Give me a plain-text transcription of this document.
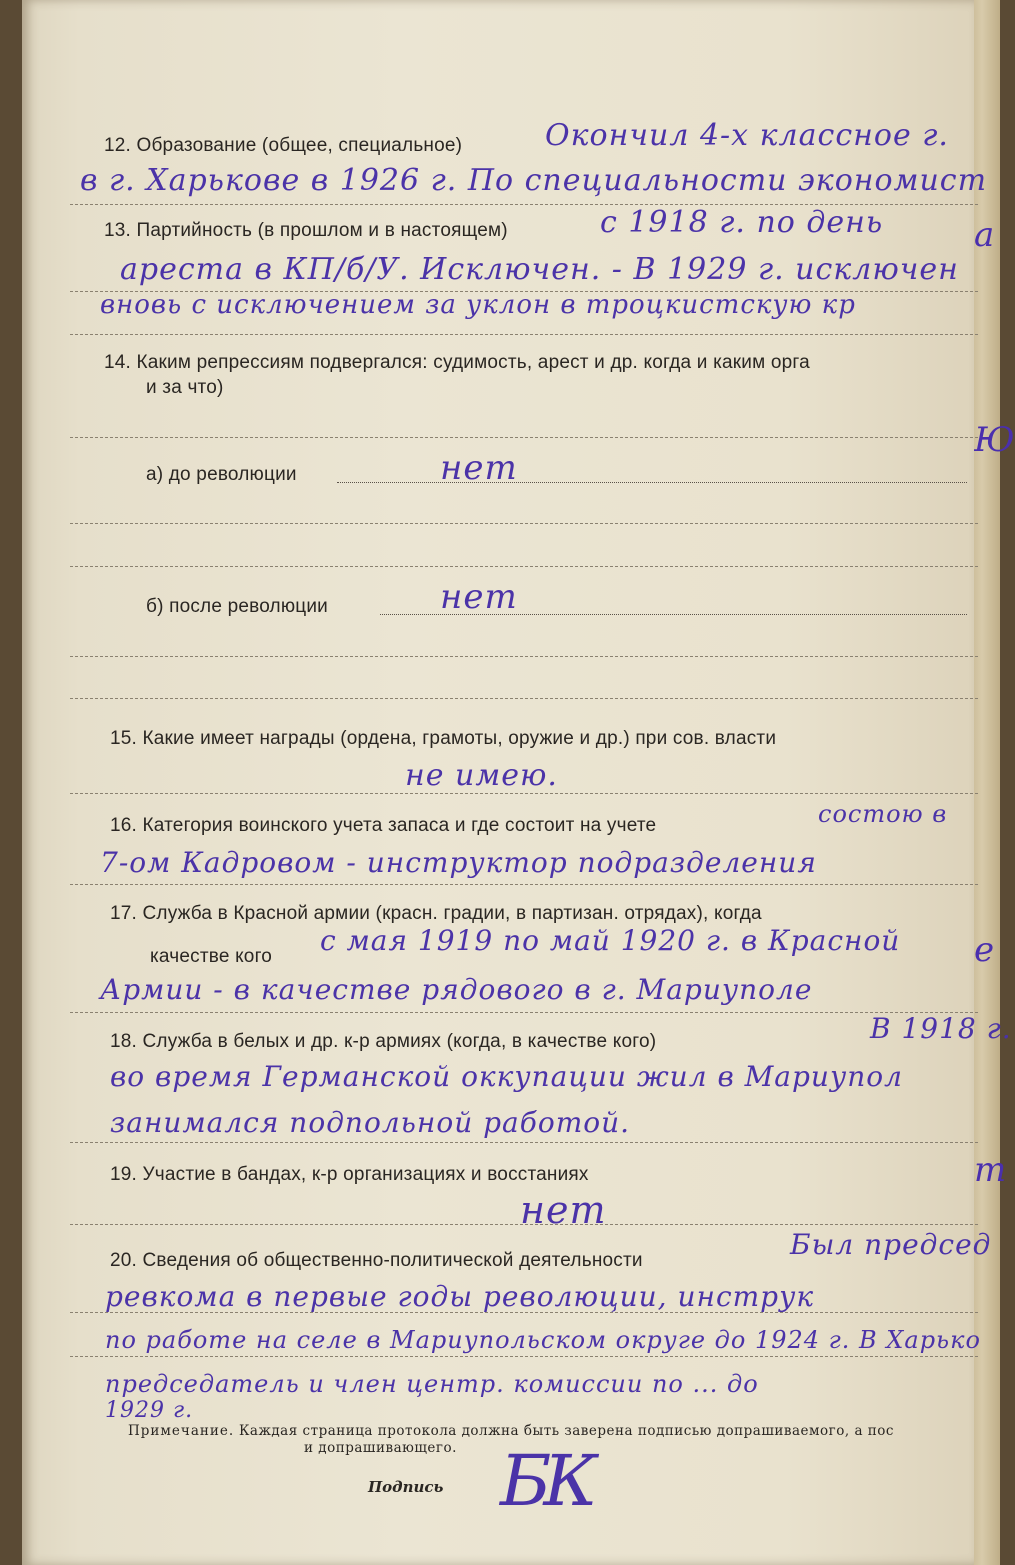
а
Ю
е
т
12. Образование (общее, специальное)	Окончил 4-х классное г.
в г. Харькове в 1926 г. По специальности экономист
13. Партийность (в прошлом и в настоящем)	с 1918 г. по день
ареста в КП/б/У. Исключен. - В 1929 г. исключен
вновь с исключением за уклон в троцкистскую кр
14. Каким репрессиям подвергался: судимость, арест и др. когда и каким орга
и за что)
а) до революции	нет
б) после революции	нет
15. Какие имеет награды (ордена, грамоты, оружие и др.) при сов. власти
не имею.
16. Категория воинского учета запаса и где состоит на учете	состою в
7-ом Кадровом - инструктор подразделения
17. Служба в Красной армии (красн. градии, в партизан. отрядах), когда
качестве кого с мая 1919 по май 1920 г. в Красной
Армии - в качестве рядового в г. Мариуполе
18. Служба в белых и др. к-р армиях (когда, в качестве кого)	В 1918 г.
во время Германской оккупации жил в Мариупол
занимался подпольной работой.
19. Участие в бандах, к-р организациях и восстаниях
нет
20. Сведения об общественно-политической деятельности	Был председ
ревкома в первые годы революции, инструк
по работе на селе в Мариупольском округе до 1924 г. В Харько
председатель и член центр. комиссии по ... до
1929 г.
Примечание. Каждая страница протокола должна быть заверена подписью допрашиваемого, а пос
и допрашивающего.
Подпись БК
